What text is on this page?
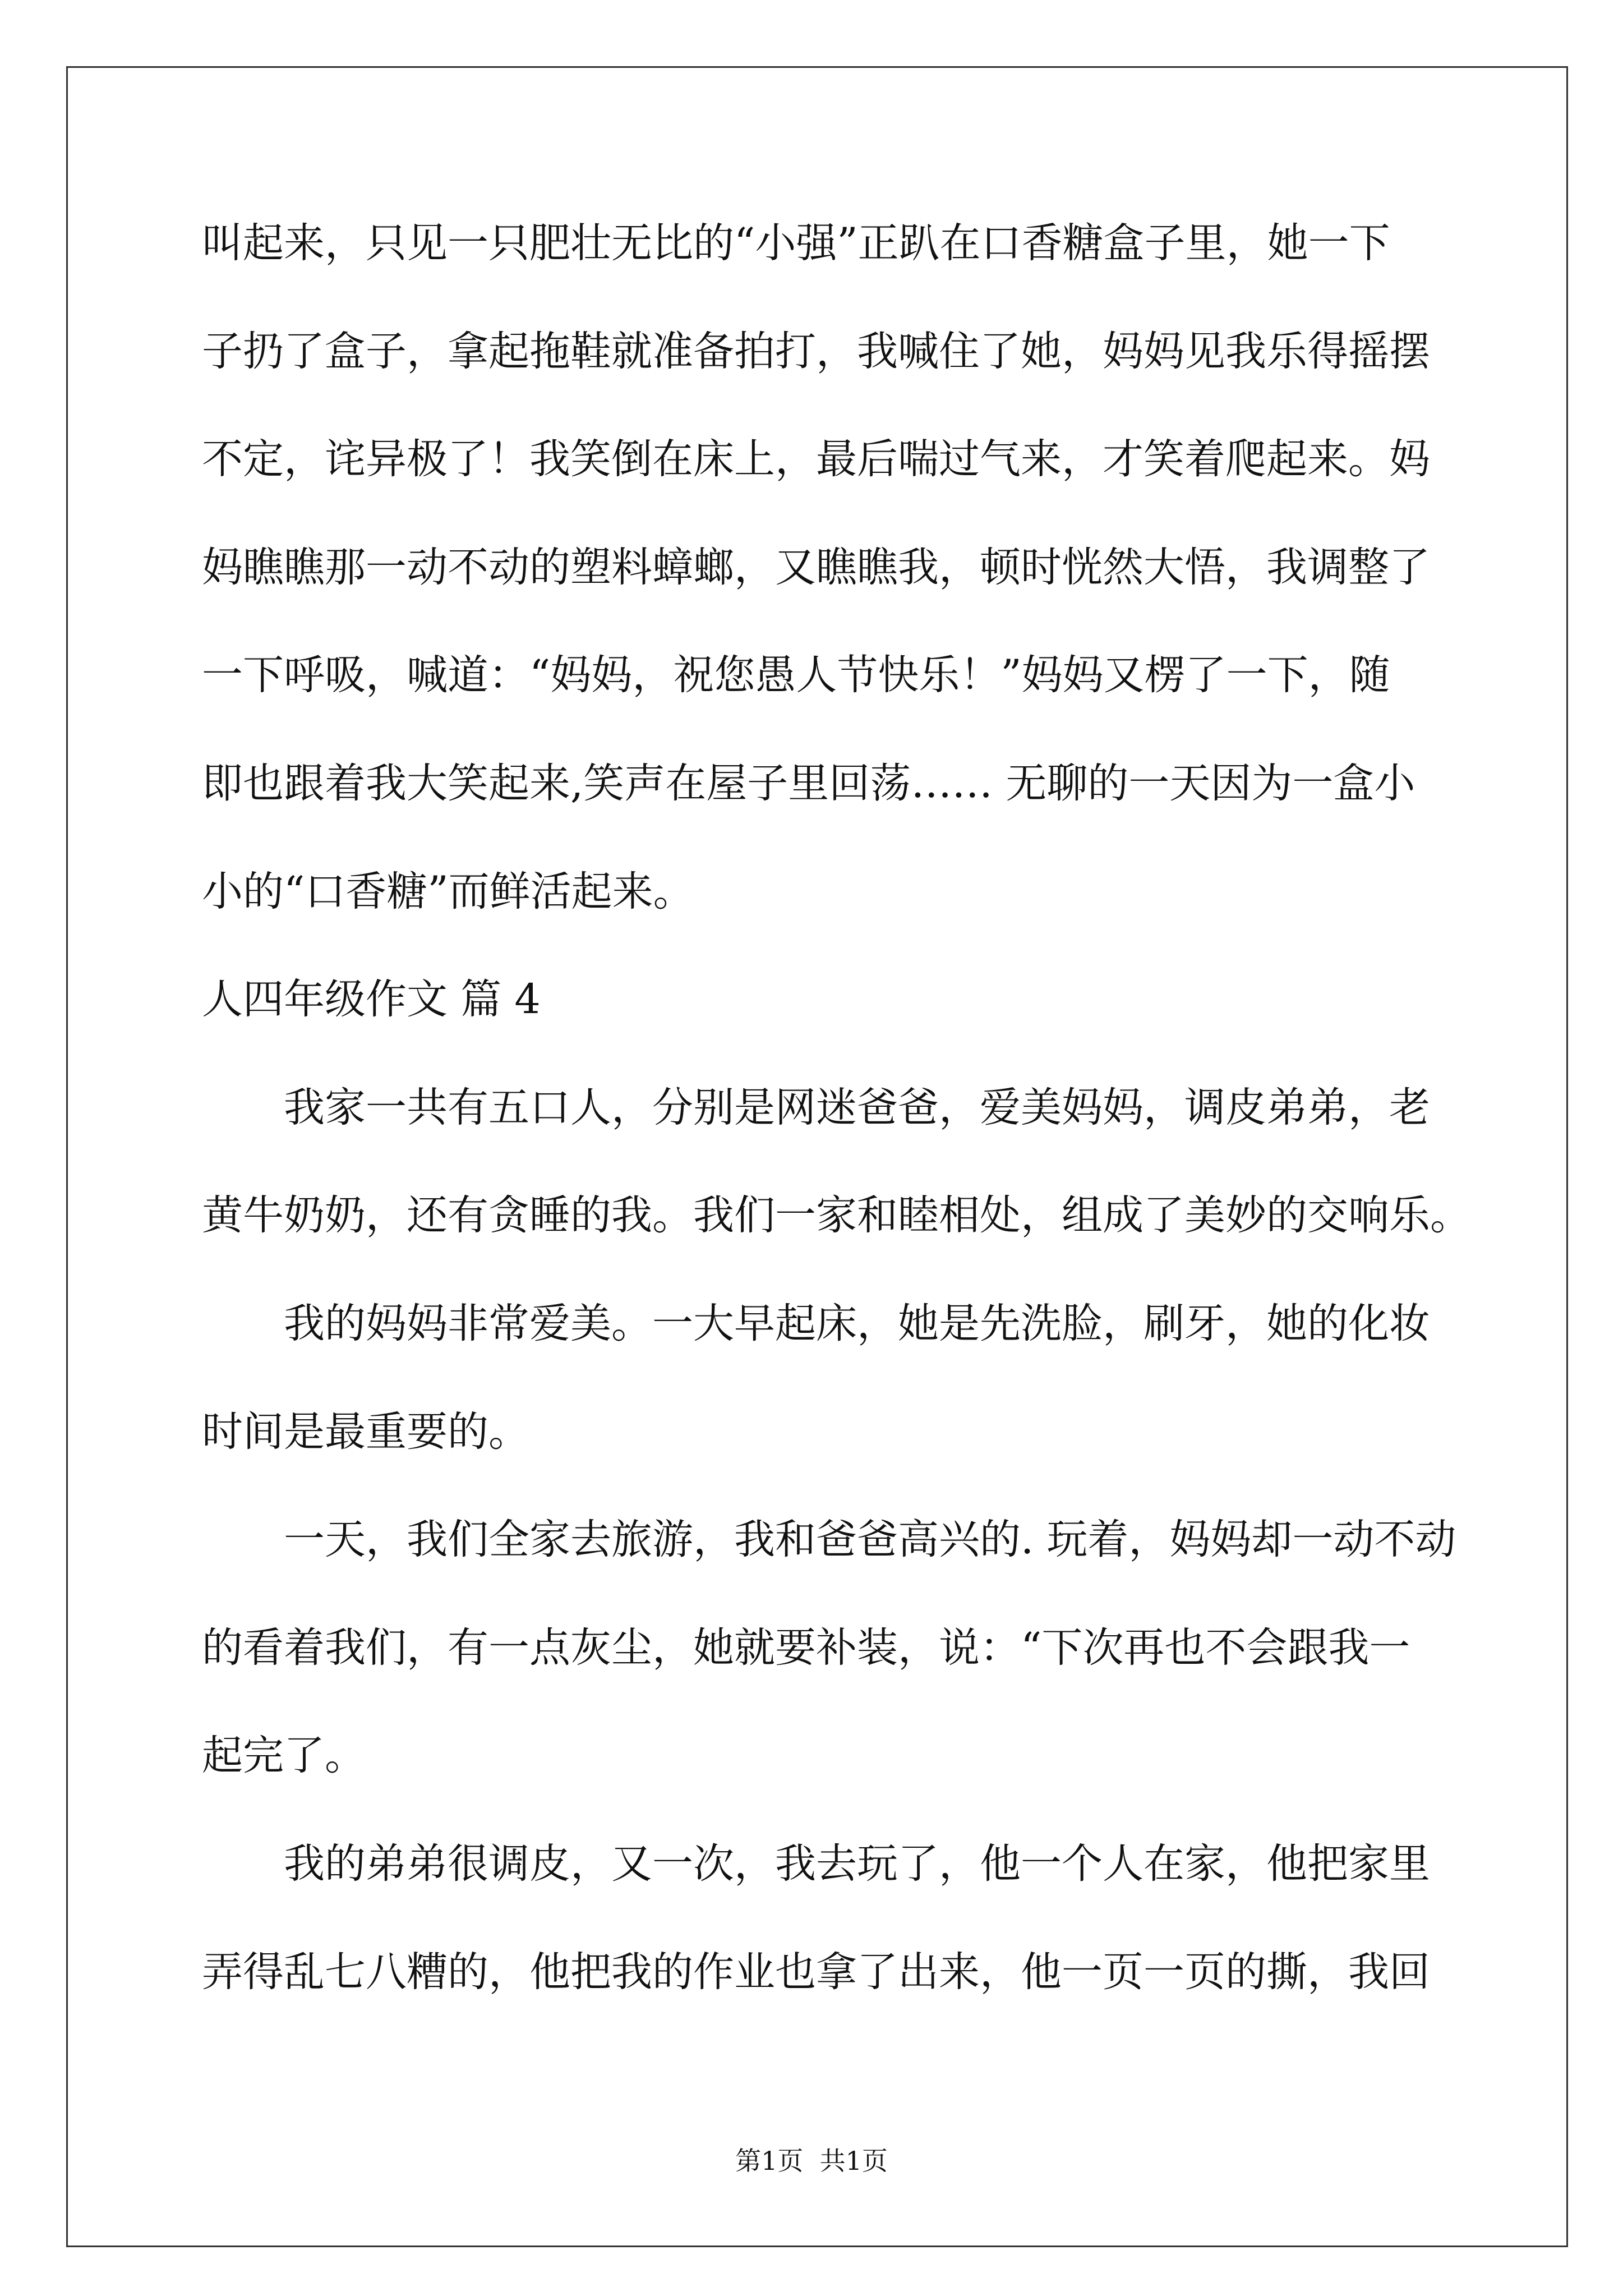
叫起来，只见一只肥壮无比的“小强”正趴在口香糖盒子里，她一下
子扔了盒子，拿起拖鞋就准备拍打，我喊住了她，妈妈见我乐得摇摆
不定，诧异极了！我笑倒在床上，最后喘过气来，才笑着爬起来。妈
妈瞧瞧那一动不动的塑料蟑螂，又瞧瞧我，顿时恍然大悟，我调整了
一下呼吸，喊道：“妈妈，祝您愚人节快乐！”妈妈又楞了一下，随
即也跟着我大笑起来,笑声在屋子里回荡…… 无聊的一天因为一盒小
小的“口香糖”而鲜活起来。
人四年级作文 篇 4
我家一共有五口人，分别是网迷爸爸，爱美妈妈，调皮弟弟，老
黄牛奶奶，还有贪睡的我。我们一家和睦相处，组成了美妙的交响乐。
我的妈妈非常爱美。一大早起床，她是先洗脸，刷牙，她的化妆
时间是最重要的。
一天，我们全家去旅游，我和爸爸高兴的. 玩着，妈妈却一动不动
的看着我们，有一点灰尘，她就要补装，说：“下次再也不会跟我一
起完了。
我的弟弟很调皮，又一次，我去玩了，他一个人在家，他把家里
弄得乱七八糟的，他把我的作业也拿了出来，他一页一页的撕，我回
第1页  共1页
